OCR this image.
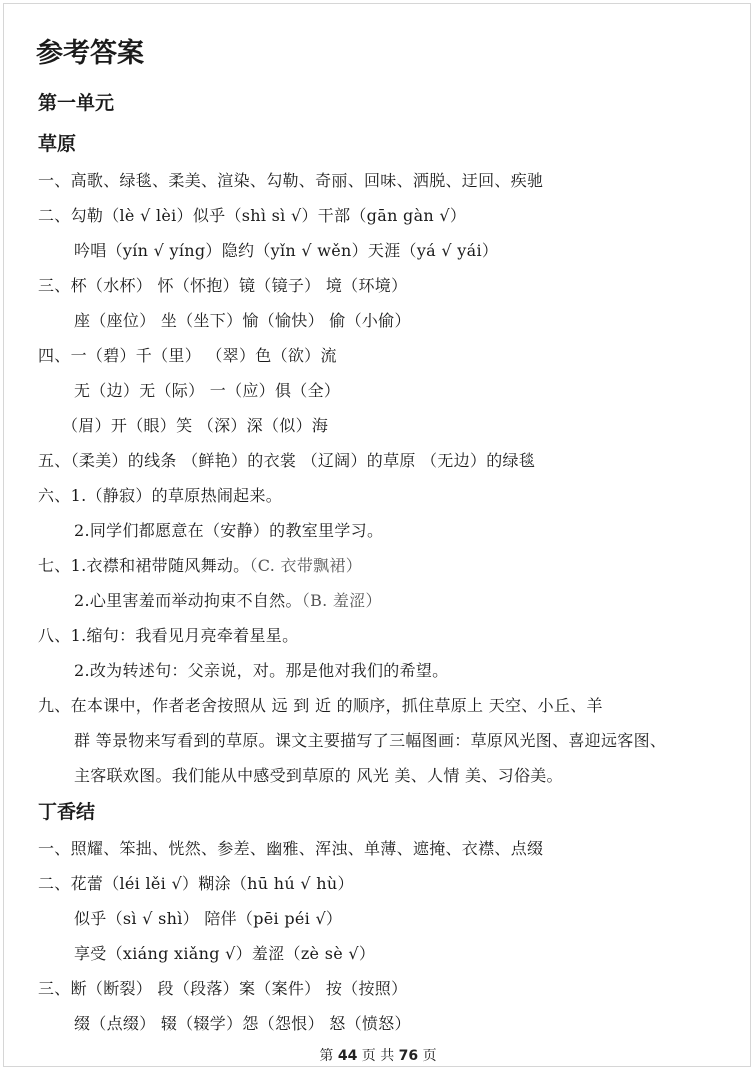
参考答案
第一单元
草原
一、高歌、绿毯、柔美、渲染、勾勒、奇丽、回味、洒脱、迂回、疾驰
二、勾勒（lè √ lèi）似乎（shì sì √）干部（gān gàn √）
吟唱（yín √ yíng）隐约（yǐn √ wěn）天涯（yá √ yái）
三、杯（水杯） 怀（怀抱）镜（镜子） 境（环境）
座（座位） 坐（坐下）愉（愉快） 偷（小偷）
四、一（碧）千（里） （翠）色（欲）流
无（边）无（际） 一（应）俱（全）
（眉）开（眼）笑 （深）深（似）海
五、（柔美）的线条 （鲜艳）的衣裳 （辽阔）的草原 （无边）的绿毯
六、1.（静寂）的草原热闹起来。
2.同学们都愿意在（安静）的教室里学习。
七、1.衣襟和裙带随风舞动。（C. 衣带飘裙）
2.心里害羞而举动拘束不自然。（B. 羞涩）
八、1.缩句：我看见月亮牵着星星。
2.改为转述句：父亲说，对。那是他对我们的希望。
九、在本课中，作者老舍按照从 远 到 近 的顺序，抓住草原上 天空、小丘、羊
群 等景物来写看到的草原。课文主要描写了三幅图画：草原风光图、喜迎远客图、
主客联欢图。我们能从中感受到草原的 风光 美、人情 美、习俗美。
丁香结
一、照耀、笨拙、恍然、参差、幽雅、浑浊、单薄、遮掩、衣襟、点缀
二、花蕾（léi lěi √）糊涂（hū hú √ hù）
似乎（sì √ shì） 陪伴（pēi péi √）
享受（xiáng xiǎng √）羞涩（zè sè √）
三、断（断裂） 段（段落）案（案件） 按（按照）
缀（点缀） 辍（辍学）怨（怨恨） 怒（愤怒）
第 44 页 共 76 页
